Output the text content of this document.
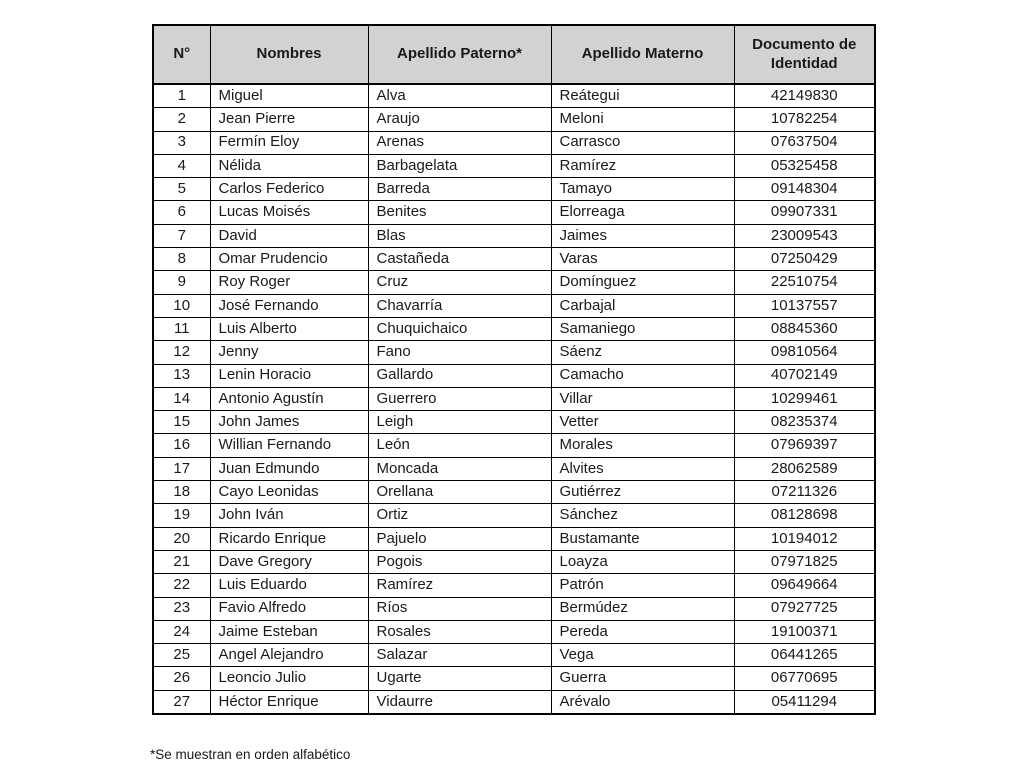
N°	Nombres	Apellido Paterno*	Apellido Materno	Documento de Identidad
1	Miguel	Alva	Reátegui	42149830
2	Jean Pierre	Araujo	Meloni	10782254
3	Fermín Eloy	Arenas	Carrasco	07637504
4	Nélida	Barbagelata	Ramírez	05325458
5	Carlos Federico	Barreda	Tamayo	09148304
6	Lucas Moisés	Benites	Elorreaga	09907331
7	David	Blas	Jaimes	23009543
8	Omar Prudencio	Castañeda	Varas	07250429
9	Roy Roger	Cruz	Domínguez	22510754
10	José Fernando	Chavarría	Carbajal	10137557
11	Luis Alberto	Chuquichaico	Samaniego	08845360
12	Jenny	Fano	Sáenz	09810564
13	Lenin Horacio	Gallardo	Camacho	40702149
14	Antonio Agustín	Guerrero	Villar	10299461
15	John James	Leigh	Vetter	08235374
16	Willian Fernando	León	Morales	07969397
17	Juan Edmundo	Moncada	Alvites	28062589
18	Cayo Leonidas	Orellana	Gutiérrez	07211326
19	John Iván	Ortiz	Sánchez	08128698
20	Ricardo Enrique	Pajuelo	Bustamante	10194012
21	Dave Gregory	Pogois	Loayza	07971825
22	Luis Eduardo	Ramírez	Patrón	09649664
23	Favio Alfredo	Ríos	Bermúdez	07927725
24	Jaime Esteban	Rosales	Pereda	19100371
25	Angel Alejandro	Salazar	Vega	06441265
26	Leoncio Julio	Ugarte	Guerra	06770695
27	Héctor Enrique	Vidaurre	Arévalo	05411294
*Se muestran en orden alfabético
